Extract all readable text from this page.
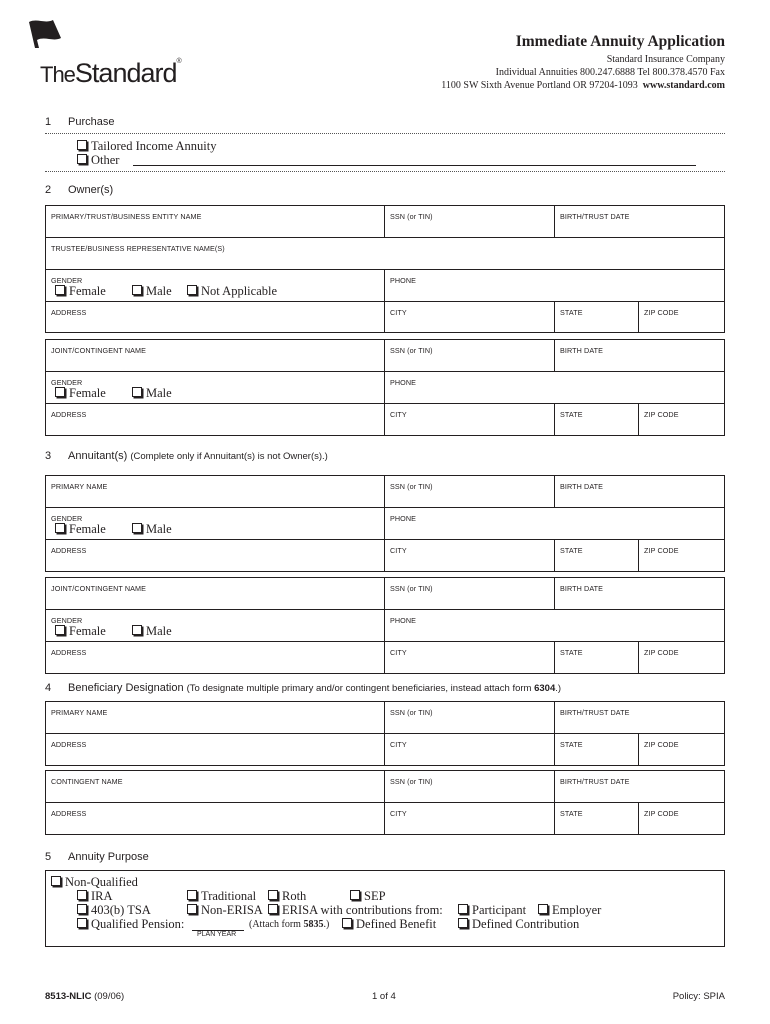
TheStandard®
Immediate Annuity Application
Standard Insurance Company
Individual Annuities 800.247.6888 Tel 800.378.4570 Fax
1100 SW Sixth Avenue Portland OR 97204-1093 www.standard.com
1 Purchase
Tailored Income Annuity
Other
2 Owner(s)
PRIMARY/TRUST/BUSINESS ENTITY NAME	SSN (or TIN)	BIRTH/TRUST DATE
TRUSTEE/BUSINESS REPRESENTATIVE NAME(S)
GENDER
Female	Male	Not Applicable
PHONE
ADDRESS	CITY	STATE	ZIP CODE
JOINT/CONTINGENT NAME	SSN (or TIN)	BIRTH DATE
GENDER
Female	Male
PHONE
ADDRESS	CITY	STATE	ZIP CODE
3 Annuitant(s) (Complete only if Annuitant(s) is not Owner(s).)
PRIMARY NAME	SSN (or TIN)	BIRTH DATE
GENDER
Female	Male
PHONE
ADDRESS	CITY	STATE	ZIP CODE
JOINT/CONTINGENT NAME	SSN (or TIN)	BIRTH DATE
GENDER
Female	Male
PHONE
ADDRESS	CITY	STATE	ZIP CODE
4 Beneficiary Designation (To designate multiple primary and/or contingent beneficiaries, instead attach form 6304.)
PRIMARY NAME	SSN (or TIN)	BIRTH/TRUST DATE
ADDRESS	CITY	STATE	ZIP CODE
CONTINGENT NAME	SSN (or TIN)	BIRTH/TRUST DATE
ADDRESS	CITY	STATE	ZIP CODE
5 Annuity Purpose
Non-Qualified
IRA	Traditional	Roth	SEP
403(b) TSA	Non-ERISA	ERISA with contributions from:	Participant	Employer
Qualified Pension:
PLAN YEAR
(Attach form 5835.)	Defined Benefit	Defined Contribution
8513-NLIC (09/06)	1 of 4	Policy: SPIA
